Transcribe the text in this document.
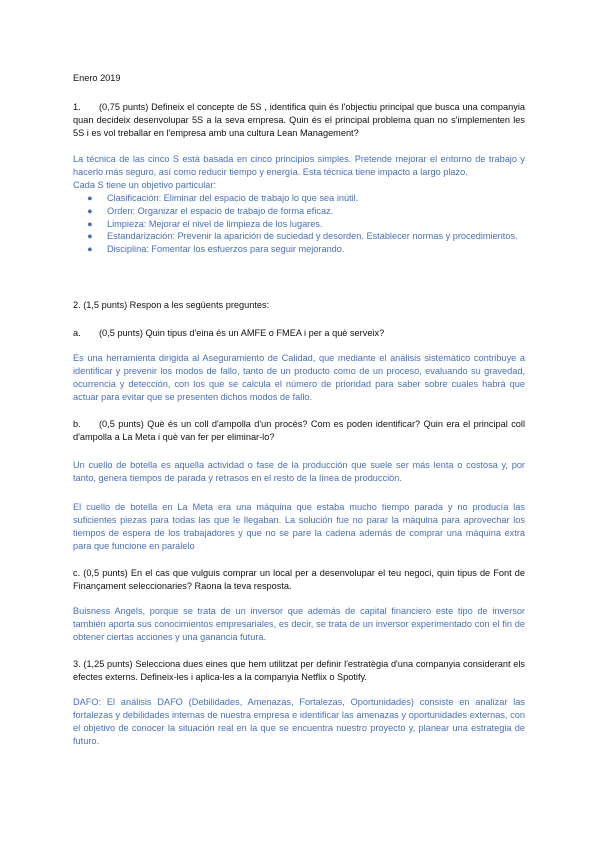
Enero 2019
1. (0,75 punts) Defineix el concepte de 5S , identifica quin és l'objectiu principal que busca una companyia quan decideix desenvolupar 5S a la seva empresa. Quin és el principal problema quan no s'implementen les 5S i es vol treballar en l'empresa amb una cultura Lean Management?
La técnica de las cinco S está basada en cinco principios simples. Pretende mejorar el entorno de trabajo y hacerlo más seguro, así como reducir tiempo y energía. Esta técnica tiene impacto a largo plazo.
Cada S tiene un objetivo particular:
● Clasificación: Eliminar del espacio de trabajo lo que sea inútil.
● Orden: Organizar el espacio de trabajo de forma eficaz.
● Limpieza: Mejorar el nivel de limpieza de los lugares.
● Estandarización: Prevenir la aparición de suciedad y desorden. Establecer normas y procedimientos.
● Disciplina: Fomentar los esfuerzos para seguir mejorando.
2. (1,5 punts) Respon a les següents preguntes:
a. (0,5 punts) Quin tipus d'eina és un AMFE o FMEA i per a què serveix?
Es una herramienta dirigida al Aseguramiento de Calidad, que mediante el análisis sistemático contribuye a identificar y prevenir los modos de fallo, tanto de un producto como de un proceso, evaluando su gravedad, ocurrencia y detección, con los que se calcula el número de prioridad para saber sobre cuales habrá que actuar para evitar que se presenten dichos modos de fallo.
b. (0,5 punts) Què és un coll d'ampolla d'un procés? Com es poden identificar? Quin era el principal coll d'ampolla a La Meta i què van fer per eliminar-lo?
Un cuello de botella es aquella actividad o fase de la producción que suele ser más lenta o costosa y, por tanto, genera tiempos de parada y retrasos en el resto de la línea de producción.
El cuello de botella en La Meta era una máquina que estaba mucho tiempo parada y no producía las suficientes piezas para todas las que le llegaban. La solución fue no parar la máquina para aprovechar los tiempos de espera de los trabajadores y que no se pare la cadena además de comprar una máquina extra para que funcione en paralelo
c. (0,5 punts) En el cas que vulguis comprar un local per a desenvolupar el teu negoci, quin tipus de Font de Finançament seleccionaries? Raona la teva resposta.
Buisness Angels, porque se trata de un inversor que además de capital financiero este tipo de inversor también aporta sus conocimientos empresariales, es decir, se trata de un inversor experimentado con el fin de obtener ciertas acciones y una ganancia futura.
3. (1,25 punts) Selecciona dues eines que hem utilitzat per definir l'estratègia d'una companyia considerant els efectes externs. Defineix-les i aplica-les a la companyia Netflix o Spotify.
DAFO: El análisis DAFO (Debilidades, Amenazas, Fortalezas, Oportunidades) consiste en analizar las fortalezas y debilidades internas de nuestra empresa e identificar las amenazas y oportunidades externas, con el objetivo de conocer la situación real en la que se encuentra nuestro proyecto y, planear una estrategia de futuro.
